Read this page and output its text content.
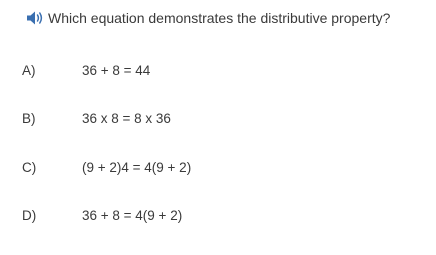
Which equation demonstrates the distributive property?
A)	36 + 8 = 44
B)	36 x 8 = 8 x 36
C)	(9 + 2)4 = 4(9 + 2)
D)	36 + 8 = 4(9 + 2)
